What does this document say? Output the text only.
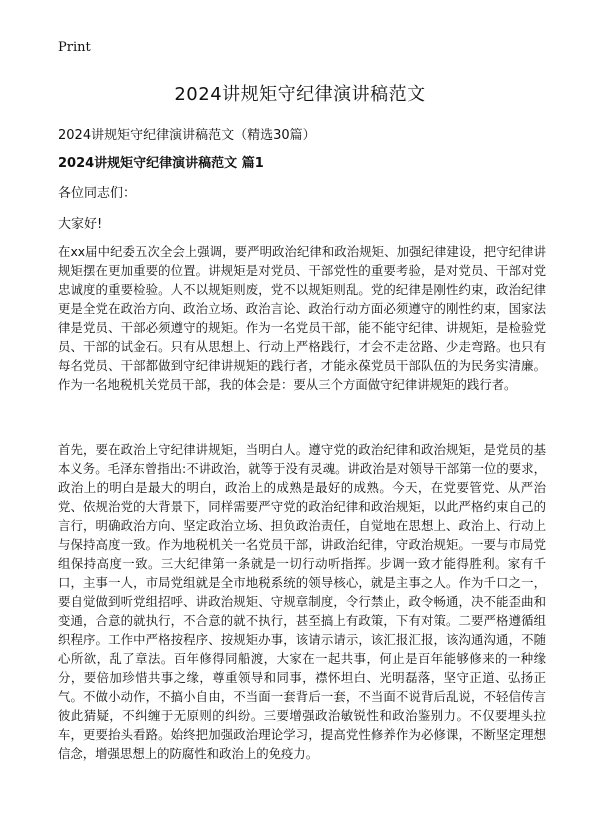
Print
2024讲规矩守纪律演讲稿范文

2024讲规矩守纪律演讲稿范文（精选30篇）

2024讲规矩守纪律演讲稿范文 篇1

各位同志们：

大家好!

在xx届中纪委五次全会上强调，要严明政治纪律和政治规矩、加强纪律建设，把守纪律讲规矩摆在更加重要的位置。讲规矩是对党员、干部党性的重要考验，是对党员、干部对党忠诚度的重要检验。人不以规矩则废，党不以规矩则乱。党的纪律是刚性约束，政治纪律更是全党在政治方向、政治立场、政治言论、政治行动方面必须遵守的刚性约束，国家法律是党员、干部必须遵守的规矩。作为一名党员干部，能不能守纪律、讲规矩，是检验党员、干部的试金石。只有从思想上、行动上严格践行，才会不走岔路、少走弯路。也只有每名党员、干部都做到守纪律讲规矩的践行者，才能永葆党员干部队伍的为民务实清廉。作为一名地税机关党员干部，我的体会是：要从三个方面做守纪律讲规矩的践行者。

首先，要在政治上守纪律讲规矩，当明白人。遵守党的政治纪律和政治规矩，是党员的基本义务。毛泽东曾指出:不讲政治，就等于没有灵魂。讲政治是对领导干部第一位的要求，政治上的明白是最大的明白，政治上的成熟是最好的成熟。今天，在党要管党、从严治党、依规治党的大背景下，同样需要严守党的政治纪律和政治规矩，以此严格约束自己的言行，明确政治方向、坚定政治立场、担负政治责任，自觉地在思想上、政治上、行动上与保持高度一致。作为地税机关一名党员干部，讲政治纪律，守政治规矩。一要与市局党组保持高度一致。三大纪律第一条就是一切行动听指挥。步调一致才能得胜利。家有千口，主事一人，市局党组就是全市地税系统的领导核心，就是主事之人。作为千口之一，要自觉做到听党组招呼、讲政治规矩、守规章制度，令行禁止，政令畅通，决不能歪曲和变通，合意的就执行，不合意的就不执行，甚至搞上有政策，下有对策。二要严格遵循组织程序。工作中严格按程序、按规矩办事，该请示请示，该汇报汇报，该沟通沟通，不随心所欲，乱了章法。百年修得同船渡，大家在一起共事，何止是百年能够修来的一种缘分，要倍加珍惜共事之缘，尊重领导和同事，襟怀坦白、光明磊落，坚守正道、弘扬正气。不做小动作，不搞小自由，不当面一套背后一套，不当面不说背后乱说，不轻信传言彼此猜疑，不纠缠于无原则的纠纷。三要增强政治敏锐性和政治鉴别力。不仅要埋头拉车，更要抬头看路。始终把加强政治理论学习，提高党性修养作为必修课，不断坚定理想信念，增强思想上的防腐性和政治上的免疫力。
